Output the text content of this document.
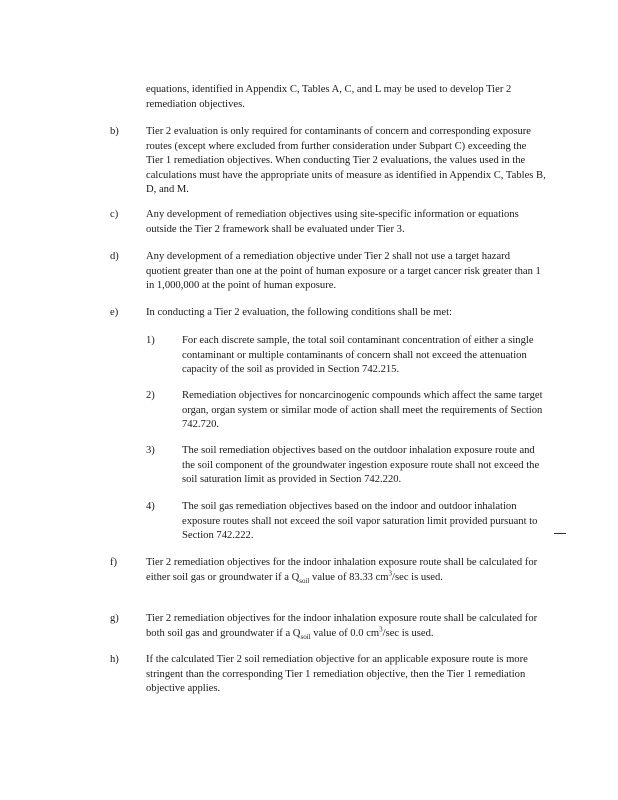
equations, identified in Appendix C, Tables A, C, and L may be used to develop Tier 2 remediation objectives.
b)	Tier 2 evaluation is only required for contaminants of concern and corresponding exposure routes (except where excluded from further consideration under Subpart C) exceeding the Tier 1 remediation objectives. When conducting Tier 2 evaluations, the values used in the calculations must have the appropriate units of measure as identified in Appendix C, Tables B, D, and M.
c)	Any development of remediation objectives using site-specific information or equations outside the Tier 2 framework shall be evaluated under Tier 3.
d)	Any development of a remediation objective under Tier 2 shall not use a target hazard quotient greater than one at the point of human exposure or a target cancer risk greater than 1 in 1,000,000 at the point of human exposure.
e)	In conducting a Tier 2 evaluation, the following conditions shall be met:
1)	For each discrete sample, the total soil contaminant concentration of either a single contaminant or multiple contaminants of concern shall not exceed the attenuation capacity of the soil as provided in Section 742.215.
2)	Remediation objectives for noncarcinogenic compounds which affect the same target organ, organ system or similar mode of action shall meet the requirements of Section 742.720.
3)	The soil remediation objectives based on the outdoor inhalation exposure route and the soil component of the groundwater ingestion exposure route shall not exceed the soil saturation limit as provided in Section 742.220.
4)	The soil gas remediation objectives based on the indoor and outdoor inhalation exposure routes shall not exceed the soil vapor saturation limit provided pursuant to Section 742.222.
f)	Tier 2 remediation objectives for the indoor inhalation exposure route shall be calculated for either soil gas or groundwater if a $Q_{soil}$ value of 83.33 $cm^3/\sec$ is used.
g)	Tier 2 remediation objectives for the indoor inhalation exposure route shall be calculated for both soil gas and groundwater if a $Q_{soil}$ value of 0.0 $cm^3/\sec$ is used.
h)	If the calculated Tier 2 soil remediation objective for an applicable exposure route is more stringent than the corresponding Tier 1 remediation objective, then the Tier 1 remediation objective applies.
